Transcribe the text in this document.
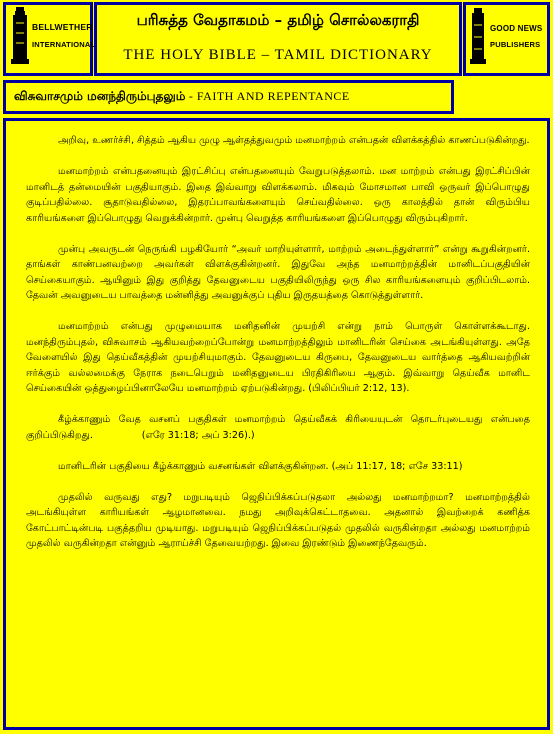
BELLWETHER
INTERNATIONAL
பரிசுத்த வேதாகமம் – தமிழ் சொல்லகராதி
THE HOLY BIBLE – TAMIL DICTIONARY
GOOD NEWS
PUBLISHERS
விசுவாசமும் மனந்திரும்புதலும் - FAITH AND REPENTANCE

அறிவு, உணர்ச்சி, சித்தம் ஆகிய முழு ஆள்தத்துவமும் மனமாற்றம் என்பதன் விளக்கத்தில் காணப்படுகின்றது.

மனமாற்றம் என்பதனையும் இரட்சிப்பு என்பதனையும் வேறுபடுத்தலாம். மன மாற்றம் என்பது இரட்சிப்பின் மானிடத் தன்மையின் பகுதியாகும். இதை இவ்வாறு விளக்கலாம். மிகவும் மோசமான பாவி ஒருவர் இப்பொழுது குடிப்பதில்லை. சூதாடுவதில்லை, இதரப்பாவங்களையும் செய்வதில்லை. ஒரு காலத்தில் தான் விரும்பிய காரியங்களை இப்பொழுது வெறுக்கின்றார். முன்பு வெறுத்த காரியங்களை இப்பொழுது விரும்புகிறார்.

முன்பு அவருடன் நெருங்கி பழகியோர் “அவர் மாறியுள்ளார், மாற்றம் அடைந்துள்ளார்” என்று கூறுகின்றனர். தாங்கள் காண்பனவற்றை அவர்கள் விளக்குகின்றனர். இதுவே அந்த மனமாற்றத்தின் மானிடப்பகுதியின் செய்கையாகும். ஆயினும் இது குறித்து தேவனுடைய பகுதியிலிருந்து ஒரு சில காரியங்களையும் குறிப்பிடலாம். தேவன் அவனுடைய பாவத்தை மன்னித்து அவனுக்குப் புதிய இருதயத்தை கொடுத்துள்ளார்.

மனமாற்றம் என்பது முழுமையாக மனிதனின் முயற்சி என்று நாம் பொருள் கொள்ளக்கூடாது. மனந்திரும்புதல், விசுவாசம் ஆகியவற்றைப்போன்று மனமாற்றத்திலும் மானிடரின் செய்கை அடங்கியுள்ளது. அதே வேளையில் இது தெய்வீகத்தின் முயற்சியுமாகும். தேவனுடைய கிருபை, தேவனுடைய வார்த்தை ஆகியவற்றின் ஈர்க்கும் வல்லமைக்கு நேராக நடைபெறும் மனிதனுடைய பிரதிகிரியை ஆகும். இவ்வாறு தெய்வீக மானிட செய்கையின் ஒத்துழைப்பினாலேயே மனமாற்றம் ஏற்படுகின்றது. (பிலிப்பியர் 2:12, 13).

கீழ்க்காணும் வேத வசனப் பகுதிகள் மனமாற்றம் தெய்வீகக் கிரியையுடன் தொடர்புடையது என்பதை குறிப்பிடுகிறது.                (எரே 31:18; அப் 3:26).)

மானிடரின் பகுதியை கீழ்க்காணும் வசனங்கள் விளக்குகின்றன. (அப் 11:17, 18; எசே 33:11)

முதலில் வருவது எது? மறுபடியும் ஜெநிப்பிக்கப்படுதலா அல்லது மனமாற்றமா? மனமாற்றத்தில் அடங்கியுள்ள காரியங்கள் ஆழமானவை. நமது அறிவுக்கெட்டாதவை. அதனால் இவற்றைக் கணித்க கோட்பாட்டின்படி பகுத்தறிய முடியாது. மறுபடியும் ஜெநிப்பிக்கப்படுதல் முதலில் வருகின்றதா அல்லது மனமாற்றம் முதலில் வருகின்றதா என்னும் ஆராய்ச்சி தேவையற்றது. இவை இரண்டும் இணைந்தேவரும்.
